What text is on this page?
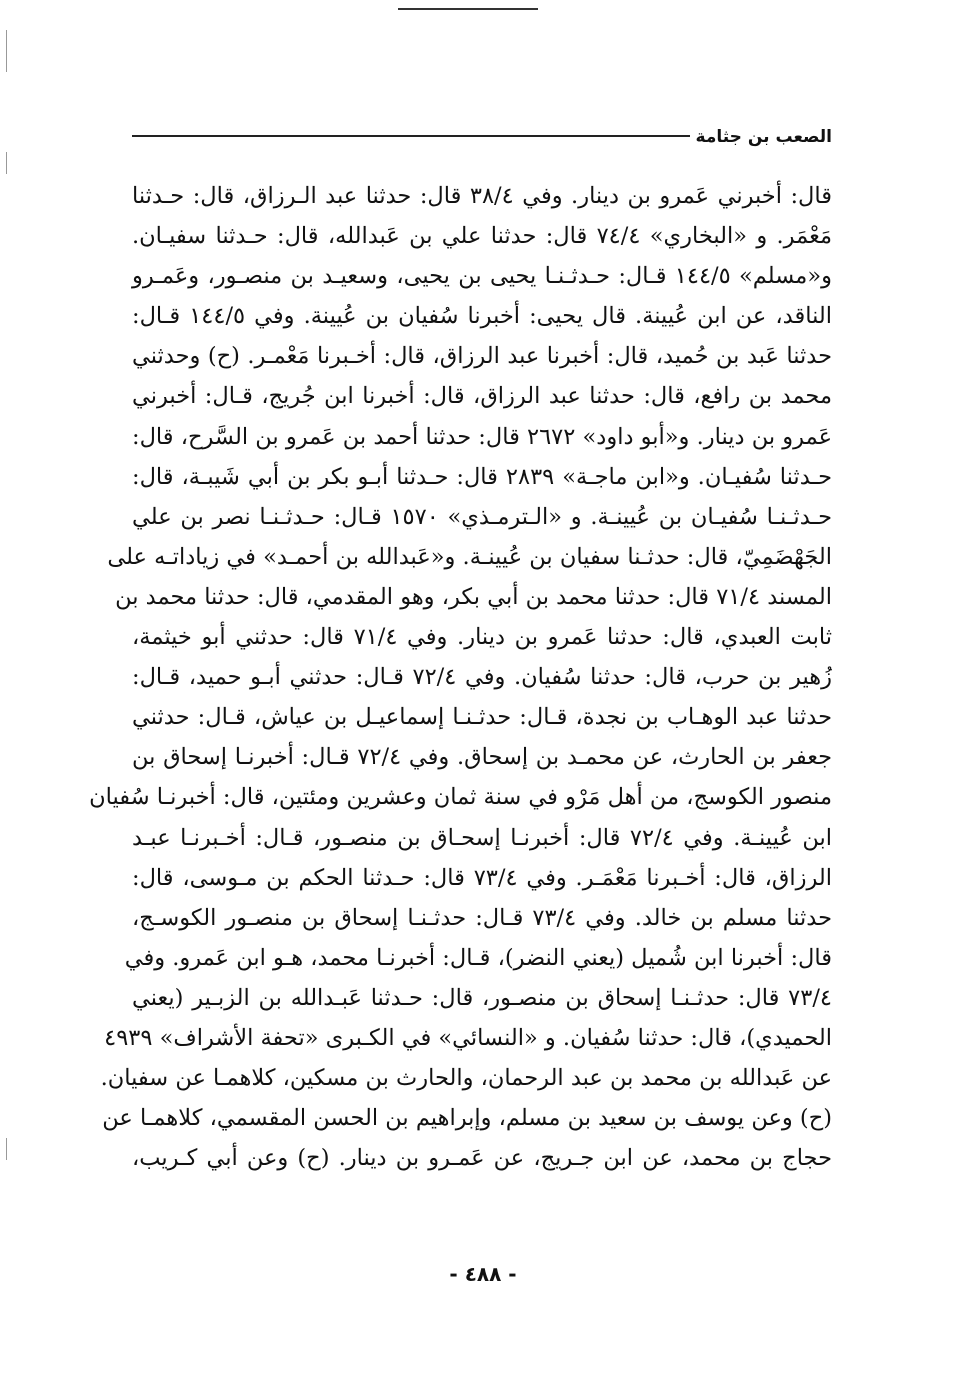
الصعب بن جثامة
قال: أخبرني عَمرو بن دينار. وفي ٣٨/٤ قال: حدثنا عبد الـرزاق، قال: حـدثنا
مَعْمَر. و «البخاري» ٧٤/٤ قال: حدثنا علي بن عَبدالله، قال: حـدثنا سفيـان.
و«مسلم» ١٤٤/٥ قـال: حـدثـنـا يحيى بن يحيى، وسعيـد بن منصـور، وعَمـرو
الناقد، عن ابن عُيينة. قال يحيى: أخبرنا سُفيان بن عُيينة. وفي ١٤٤/٥ قـال:
حدثنا عَبد بن حُميد، قال: أخبرنا عبد الرزاق، قال: أخـبرنا مَعْمـر. (ح) وحدثني
محمد بن رافع، قال: حدثنا عبد الرزاق، قال: أخبرنا ابن جُريج، قـال: أخبرني
عَمرو بن دينار. و«أبو داود» ٢٦٧٢ قال: حدثنا أحمد بن عَمرو بن السَّرح، قال:
حـدثنا سُفيـان. و«ابن ماجـة» ٢٨٣٩ قال: حـدثنا أبـو بكر بن أبي شَيبـة، قال:
حـدثـنـا سُفيـان بن عُيينـة. و «الـترمـذي» ١٥٧٠ قـال: حـدثـنـا نصر بن علي
الجَهْضَمِيّ، قال: حدثـنا سفيان بن عُيينـة. و«عَبدالله بن أحمـد» في زياداتـه على
المسند ٧١/٤ قال: حدثنا محمد بن أبي بكر، وهو المقدمي، قال: حدثنا محمد بن
ثابت العبدي، قال: حدثنا عَمرو بن دينار. وفي ٧١/٤ قال: حدثني أبو خيثمة،
زُهير بن حرب، قال: حدثنا سُفيان. وفي ٧٢/٤ قـال: حدثني أبـو حميد، قـال:
حدثنا عبد الوهـاب بن نجدة، قـال: حدثـنـا إسماعيـل بن عياش، قـال: حدثني
جعفر بن الحارث، عن محمـد بن إسحاق. وفي ٧٢/٤ قـال: أخبرنـا إسحاق بن
منصور الكوسج، من أهل مَرْو في سنة ثمان وعشرين ومئتين، قال: أخبرنـا سُفيان
ابن عُيينـة. وفي ٧٢/٤ قال: أخبرنـا إسحـاق بن منصـور، قـال: أخـبرنـا عبـد
الرزاق، قال: أخـبرنا مَعْمَـر. وفي ٧٣/٤ قال: حـدثنا الحكم بن مـوسى، قال:
حدثنا مسلم بن خالد. وفي ٧٣/٤ قـال: حدثـنـا إسحاق بن منصـور الكوسـج،
قال: أخبرنا ابن شُميل (يعني النضر)، قـال: أخبرنـا محمد، هـو ابن عَمرو. وفي
٧٣/٤ قال: حدثـنـا إسحاق بن منصـور، قال: حـدثنا عَبـدالله بن الزبـير (يعني
الحميدي)، قال: حدثنا سُفيان. و «النسائي» في الكـبرى «تحفة الأشراف» ٤٩٣٩
عن عَبدالله بن محمد بن عبد الرحمان، والحارث بن مسكين، كلاهمـا عن سفيان.
(ح) وعن يوسف بن سعيد بن مسلم، وإبراهيم بن الحسن المقسمي، كلاهمـا عن
حجاج بن محمد، عن ابن جـريج، عن عَمـرو بن دينار. (ح) وعن أبي كـريب،
- ٤٨٨ -
